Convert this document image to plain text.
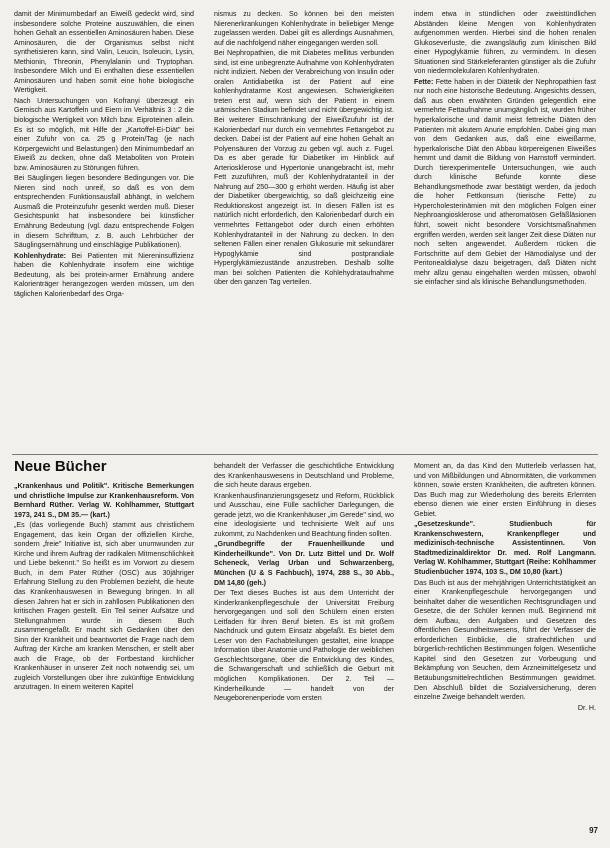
damit der Minimumbedarf an Eiweiß gedeckt wird, sind insbesondere solche Proteine auszuwählen, die einen hohen Gehalt an essentiellen Aminosäuren haben. Diese Aminosäuren, die der Organismus selbst nicht synthetisieren kann, sind Valin, Leucin, Isoleucin, Lysin, Methionin, Threonin, Phenylalanin und Tryptophan. Insbesondere Milch und Ei enthalten diese essentiellen Aminosäuren und haben somit eine hohe biologische Wertigkeit.

Nach Untersuchungen von Kofranyi überzeugt ein Gemisch aus Kartoffeln und Eiern im Verhältnis 3 : 2 die biologische Wertigkeit von Milch bzw. Eiproteinen allein. Es ist so möglich, mit Hilfe der „Kartoffel-Ei-Diät" bei einer Zufuhr von ca. 25 g Protein/Tag (je nach Körpergewicht und Belastungen) den Minimumbedarf an Eiweiß zu decken, ohne daß Metaboliten von Protein bzw. Aminosäuren zu Störungen führen.

Bei Säuglingen liegen besondere Bedingungen vor. Die Nieren sind noch unreif, so daß es von dem entsprechenden Funktionsausfall abhängt, in welchem Ausmaß die Proteinzufuhr gesenkt werden muß. Dieser Gesichtspunkt hat insbesondere bei künstlicher Ernährung Bedeutung (vgl. dazu entsprechende Folgen in diesem Schrifttum, z. B. auch Lehrbücher der Säuglingsernährung und einschlägige Publikationen).

Kohlenhydrate: Bei Patienten mit Niereninsuffizienz haben die Kohlenhydrate insofern eine wichtige Bedeutung, als bei protein-armer Ernährung andere Kalorienträger herangezogen werden müssen, um den täglichen Kalorienbedarf des Orga-

nismus zu decken. So können bei den meisten Nierenerkrankungen Kohlenhydrate in beliebiger Menge zugelassen werden. Dabei gilt es allerdings Ausnahmen, auf die nachfolgend näher eingegangen werden soll.

Bei Nephropathien, die mit Diabetes mellitus verbunden sind, ist eine unbegrenzte Aufnahme von Kohlenhydraten nicht indiziert. Neben der Verabreichung von Insulin oder oralen Antidiabetika ist der Patient auf eine kohlenhydratarme Kost angewiesen. Schwierigkeiten treten erst auf, wenn sich der Patient in einem urämischen Stadium befindet und nicht übergewichtig ist. Bei weiterer Einschränkung der Eiweißzufuhr ist der Kalorienbedarf nur durch ein vermehrtes Fettangebot zu decken. Dabei ist der Patient auf eine hohen Gehalt an Polyensäuren der Vorzug zu geben vgl. auch z. Fugel. Da es aber gerade für Diabetiker im Hinblick auf Arteriosklerose und Hypertonie unangebracht ist, mehr Fett zuzuführen, muß der Kohlenhydratanteil in der Nahrung auf 250—300 g erhöht werden. Häufig ist aber der Diabetiker übergewichtig, so daß gleichzeitig eine Reduktionskost angezeigt ist. In diesen Fällen ist es natürlich nicht erforderlich, den Kalorienbedarf durch ein vermehrtes Fettangebot oder durch einen erhöhten Kohlenhydratanteil in der Nahrung zu decken. In den seltenen Fällen einer renalen Glukosurie mit sekundärer Hypoglykämie sind postprandiale Hyperglykämiezustände anzustreben. Deshalb sollte man bei solchen Patienten die Kohlehydrataufnahme über den ganzen Tag verteilen.

indem etwa in stündlichen oder zweistündlichen Abständen kleine Mengen von Kohlenhydraten aufgenommen werden. Hierbei sind die hohen renalen Glukoseverluste, die zwangsläufig zum klinischen Bild einer Hypoglykämie führen, zu vermindern. In diesen Situationen sind Stärkeleferanten günstiger als die Zufuhr von niedermolekularen Kohlenhydraten.

Fette: Fette haben in der Diätetik der Nephropathien fast nur noch eine historische Bedeutung. Angesichts dessen, daß aus oben erwähnten Gründen gelegentlich eine vermehrte Fettaufnahme unumgänglich ist, wurden früher hyperkalorische und damit meist fettreiche Diäten den Patienten mit akutem Anurie empfohlen. Dabei ging man von dem Gedanken aus, daß eine eiweißarme, hyperkalorische Diät den Abbau körpereigenen Eiweißes hemmt und damit die Bildung von Harnstoff vermindert. Durch tierexperimentelle Untersuchungen, wie auch durch klinische Befunde konnte diese Behandlungsmethode zwar bestätigt werden, da jedoch die hoher Fettkonsum (tierische Fette) zu Hypercholesterinämien mit den möglichen Folgen einer Nephroangiosklerose und atheromatösen Gefäßläsionen führt, soweit nicht besondere Vorsichtsmaßnahmen ergriffen werden, werden seit langer Zeit diese Diäten nur noch selten angewendet. Außerdem rücken die Fortschritte auf dem Gebiet der Hämodialyse und der Peritonealdialyse dazu beigetragen, daß Diäten nicht mehr allzu genau eingehalten werden müssen, obwohl sie einfacher sind als klinische Behandlungsmethoden.

Neue Bücher

„Krankenhaus und Politik". Kritische Bemerkungen und christliche Impulse zur Krankenhausreform. Von Bernhard Rüther. Verlag W. Kohlhammer, Stuttgart 1973, 241 S., DM 35.— (kart.)

„Es (das vorliegende Buch) stammt aus christlichem Engagement, das kein Organ der offiziellen Kirche, sondern „freie" Initiative ist, sich aber unumwunden zur Kirche und ihrem Auftrag der radikalen Mitmenschlichkeit und Liebe bekennt." So heißt es im Vorwort zu diesem Buch, in dem Pater Rüther (OSC) aus 30jähriger Erfahrung Stellung zu den Problemen bezieht, die heute das Krankenhauswesen in Bewegung bringen. In all diesen Jahren hat er sich in zahllosen Publikationen den kritischen Fragen gestellt. Ein Teil seiner Aufsätze und Stellungnahmen wurde in diesem Buch zusammengefaßt. Er macht sich Gedanken über den Sinn der Krankheit und beantwortet die Frage nach dem Auftrag der Kirche am kranken Menschen, er stellt aber auch die Frage, ob der Fortbestand kirchlicher Krankenhäuser in unserer Zeit noch notwendig sei, um zugleich Vorstellungen über ihre zukünftige Entwicklung anzutragen. In einem weiteren Kapitel

behandelt der Verfasser die geschichtliche Entwicklung des Krankenhauswesens in Deutschland und Probleme, die sich heute daraus ergeben.

Krankenhausfinanzierungsgesetz und Reform, Rückblick und Ausschau, eine Fülle sachlicher Darlegungen, die gerade jetzt, wo die Krankenhäuser „im Gerede" sind, wo eine ideologisierte und technisierte Welt auf uns zukommt, zu Nachdenken und Beachtung finden sollten.

„Grundbegriffe der Frauenheilkunde und Kinderheilkunde". Von Dr. Lutz Bittel und Dr. Wolf Scheneck, Verlag Urban und Schwarzenberg, München (U & S Fachbuch), 1974, 288 S., 30 Abb., DM 14,80 (geh.)

Der Text dieses Buches ist aus dem Unterricht der Kinderkrankenpflegeschule der Universität Freiburg hervorgegangen und soll den Schülern einen ersten Leitfaden für ihren Beruf bieten. Es ist mit großem Nachdruck und gutem Einsatz abgefaßt. Es bietet dem Leser von den Fachabteilungen gestaltet, eine knappe Information über Anatomie und Pathologie der weiblichen Geschlechtsorgane, über die Entwicklung des Kindes, die Schwangerschaft und schließlich die Geburt mit möglichen Komplikationen. Der 2. Teil — Kinderheilkunde — handelt von der Neugeborenenperiode vom ersten

Moment an, da das Kind den Mutterleib verlassen hat, und von Mißbildungen und Abnormitäten, die vorkommen können, sowie ersten Krankheiten, die auftreten können. Das Buch mag zur Wiederholung des bereits Erlernten ebenso dienen wie einer ersten Einführung in dieses Gebiet.

„Gesetzeskunde". Studienbuch für Krankenschwestern, Krankenpfleger und medizinisch-technische Assistentinnen. Von Stadtmedizinaldirektor Dr. med. Rolf Langmann. Verlag W. Kohlhammer, Stuttgart (Reihe: Kohlhammer Studienbücher 1974, 103 S., DM 10,80 (kart.)

Das Buch ist aus der mehrjährigen Unterrichtstätigkeit an einer Krankenpflegeschule hervorgegangen und beinhaltet daher die wesentlichen Rechtsgrundlagen und Gesetze, die der Schüler kennen muß. Beginnend mit dem Aufbau, den Aufgaben und Gesetzen des öffentlichen Gesundheitswesens, führt der Verfasser die erforderlichen Einblicke, die strafrechtlichen und bürgerlich-rechtlichen Bestimmungen folgen. Wesentliche Kapitel sind den Gesetzen zur Vorbeugung und Bekämpfung von Seuchen, dem Arzneimittelgesetz und Betäubungsmittelrechtlichen Bestimmungen gewidmet. Den Abschluß bildet die Sozialversicherung, deren einzelne Zweige behandelt werden.

Dr. H.

97
